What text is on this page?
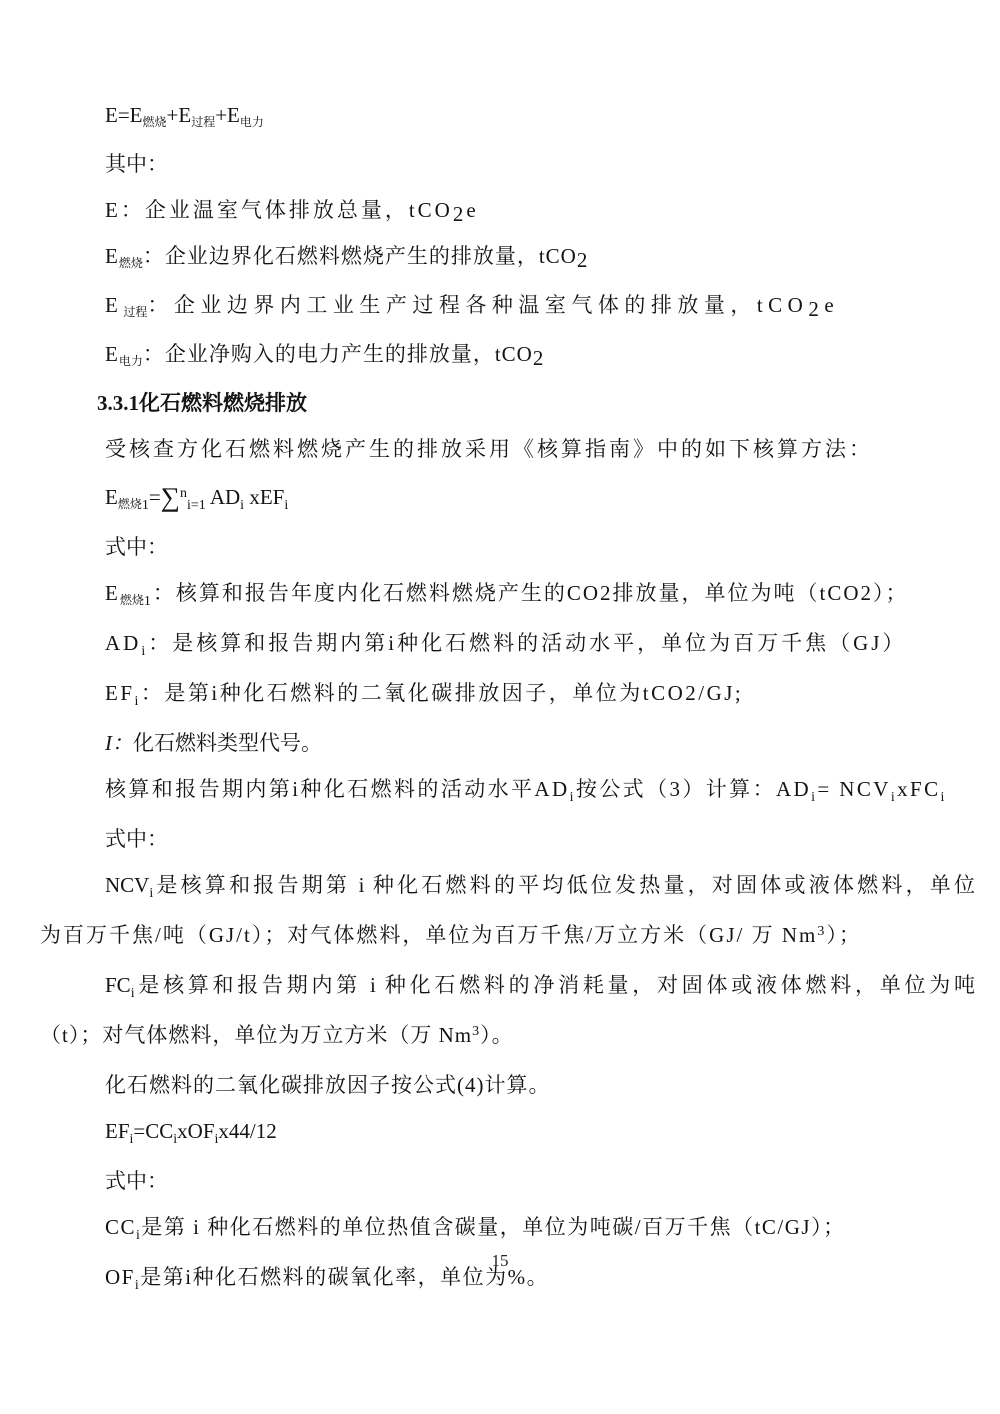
E=E燃烧+E过程+E电力

其中：

E：企业温室气体排放总量，tCO2e

E燃烧：企业边界化石燃料燃烧产生的排放量，tCO2

E过程：企业边界内工业生产过程各种温室气体的排放量，tCO2e

E电力：企业净购入的电力产生的排放量，tCO2

3.3.1化石燃料燃烧排放

受核查方化石燃料燃烧产生的排放采用《核算指南》中的如下核算方法：

E燃烧$_1$=∑$^n_{i=1}$ $AD_i$ xEF$_i$

式中：

E燃烧$_1$：核算和报告年度内化石燃料燃烧产生的CO2排放量，单位为吨（tCO2）；

$AD_i$：是核算和报告期内第i种化石燃料的活动水平，单位为百万千焦（GJ）

$EF_i$：是第i种化石燃料的二氧化碳排放因子，单位为tCO2/GJ;

I：化石燃料类型代号。

核算和报告期内第i种化石燃料的活动水平$AD_i$按公式（3）计算：$AD_i= NCV_ixFC_i$

式中：

$NCV_i$是核算和报告期第 i 种化石燃料的平均低位发热量，对固体或液体燃料，单位

为百万千焦/吨（GJ/t）；对气体燃料，单位为百万千焦/万立方米（GJ/ 万 Nm$^3$）；

$FC_i$是核算和报告期内第 i 种化石燃料的净消耗量，对固体或液体燃料，单位为吨

（t）；对气体燃料，单位为万立方米（万 Nm$^3$）。

化石燃料的二氧化碳排放因子按公式(4)计算。

$EF_i=CC_ixOF_ix44/12$

式中：

$CC_i$是第 i 种化石燃料的单位热值含碳量，单位为吨碳/百万千焦（tC/GJ）；

$OF_i$是第i种化石燃料的碳氧化率，单位为%。

15
